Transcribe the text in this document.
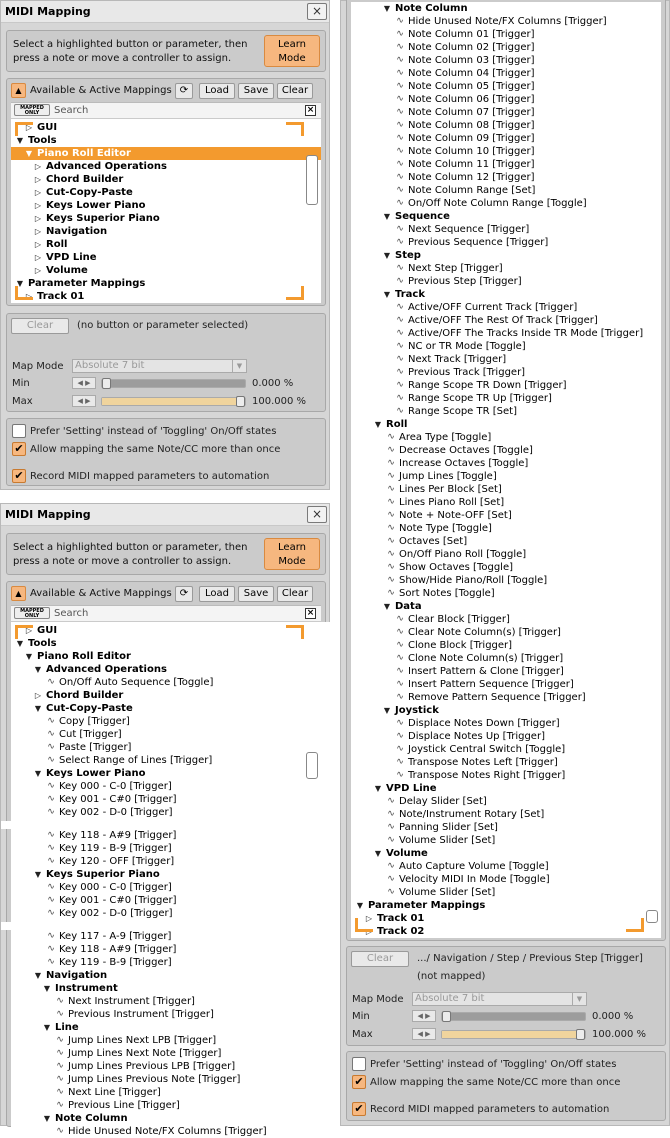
MIDI Mapping	×
Select a highlighted button or parameter, then press a note or move a controller to assign.
Learn Mode
▲ Available & Active Mappings ⟳	Load	Save	Clear
MAPPED ONLY	Search	×
▷ GUI
▼ Tools
▼ Piano Roll Editor
▷ Advanced Operations
▷ Chord Builder
▷ Cut-Copy-Paste
▷ Keys Lower Piano
▷ Keys Superior Piano
▷ Navigation
▷ Roll
▷ VPD Line
▷ Volume
▼ Parameter Mappings
▷ Track 01
Clear	(no button or parameter selected)
Map Mode	Absolute 7 bit	▼
Min	◀ ▶	0.000 %
Max	◀ ▶	100.000 %
Prefer 'Setting' instead of 'Toggling' On/Off states
✔ Allow mapping the same Note/CC more than once
✔ Record MIDI mapped parameters to automation
MIDI Mapping	×
Select a highlighted button or parameter, then press a note or move a controller to assign.
Learn Mode
▲ Available & Active Mappings ⟳	Load	Save	Clear
MAPPED ONLY	Search	×
▷ GUI
▼ Tools
▼ Piano Roll Editor
▼ Advanced Operations
∿ On/Off Auto Sequence [Toggle]
▷ Chord Builder
▼ Cut-Copy-Paste
∿ Copy [Trigger]
∿ Cut [Trigger]
∿ Paste [Trigger]
∿ Select Range of Lines [Trigger]
▼ Keys Lower Piano
∿ Key 000 - C-0 [Trigger]
∿ Key 001 - C#0 [Trigger]
∿ Key 002 - D-0 [Trigger]
∿ Key 118 - A#9 [Trigger]
∿ Key 119 - B-9 [Trigger]
∿ Key 120 - OFF [Trigger]
▼ Keys Superior Piano
∿ Key 000 - C-0 [Trigger]
∿ Key 001 - C#0 [Trigger]
∿ Key 002 - D-0 [Trigger]
∿ Key 117 - A-9 [Trigger]
∿ Key 118 - A#9 [Trigger]
∿ Key 119 - B-9 [Trigger]
▼ Navigation
▼ Instrument
∿ Next Instrument [Trigger]
∿ Previous Instrument [Trigger]
▼ Line
∿ Jump Lines Next LPB [Trigger]
∿ Jump Lines Next Note [Trigger]
∿ Jump Lines Previous LPB [Trigger]
∿ Jump Lines Previous Note [Trigger]
∿ Next Line [Trigger]
∿ Previous Line [Trigger]
▼ Note Column
∿ Hide Unused Note/FX Columns [Trigger]
▼ Note Column
∿ Hide Unused Note/FX Columns [Trigger]
∿ Note Column 01 [Trigger]
∿ Note Column 02 [Trigger]
∿ Note Column 03 [Trigger]
∿ Note Column 04 [Trigger]
∿ Note Column 05 [Trigger]
∿ Note Column 06 [Trigger]
∿ Note Column 07 [Trigger]
∿ Note Column 08 [Trigger]
∿ Note Column 09 [Trigger]
∿ Note Column 10 [Trigger]
∿ Note Column 11 [Trigger]
∿ Note Column 12 [Trigger]
∿ Note Column Range [Set]
∿ On/Off Note Column Range [Toggle]
▼ Sequence
∿ Next Sequence [Trigger]
∿ Previous Sequence [Trigger]
▼ Step
∿ Next Step [Trigger]
∿ Previous Step [Trigger]
▼ Track
∿ Active/OFF Current Track [Trigger]
∿ Active/OFF The Rest Of Track [Trigger]
∿ Active/OFF The Tracks Inside TR Mode [Trigger]
∿ NC or TR Mode [Toggle]
∿ Next Track [Trigger]
∿ Previous Track [Trigger]
∿ Range Scope TR Down [Trigger]
∿ Range Scope TR Up [Trigger]
∿ Range Scope TR [Set]
▼ Roll
∿ Area Type [Toggle]
∿ Decrease Octaves [Toggle]
∿ Increase Octaves [Toggle]
∿ Jump Lines [Toggle]
∿ Lines Per Block [Set]
∿ Lines Piano Roll [Set]
∿ Note + Note-OFF [Set]
∿ Note Type [Toggle]
∿ Octaves [Set]
∿ On/Off Piano Roll [Toggle]
∿ Show Octaves [Toggle]
∿ Show/Hide Piano/Roll [Toggle]
∿ Sort Notes [Toggle]
▼ Data
∿ Clear Block [Trigger]
∿ Clear Note Column(s) [Trigger]
∿ Clone Block [Trigger]
∿ Clone Note Column(s) [Trigger]
∿ Insert Pattern & Clone [Trigger]
∿ Insert Pattern Sequence [Trigger]
∿ Remove Pattern Sequence [Trigger]
▼ Joystick
∿ Displace Notes Down [Trigger]
∿ Displace Notes Up [Trigger]
∿ Joystick Central Switch [Toggle]
∿ Transpose Notes Left [Trigger]
∿ Transpose Notes Right [Trigger]
▼ VPD Line
∿ Delay Slider [Set]
∿ Note/Instrument Rotary [Set]
∿ Panning Slider [Set]
∿ Volume Slider [Set]
▼ Volume
∿ Auto Capture Volume [Toggle]
∿ Velocity MIDI In Mode [Toggle]
∿ Volume Slider [Set]
▼ Parameter Mappings
▷ Track 01
▷ Track 02
Clear	.../ Navigation / Step / Previous Step [Trigger]
(not mapped)
Map Mode	Absolute 7 bit	▼
Min	◀ ▶	0.000 %
Max	◀ ▶	100.000 %
Prefer 'Setting' instead of 'Toggling' On/Off states
✔ Allow mapping the same Note/CC more than once
✔ Record MIDI mapped parameters to automation
